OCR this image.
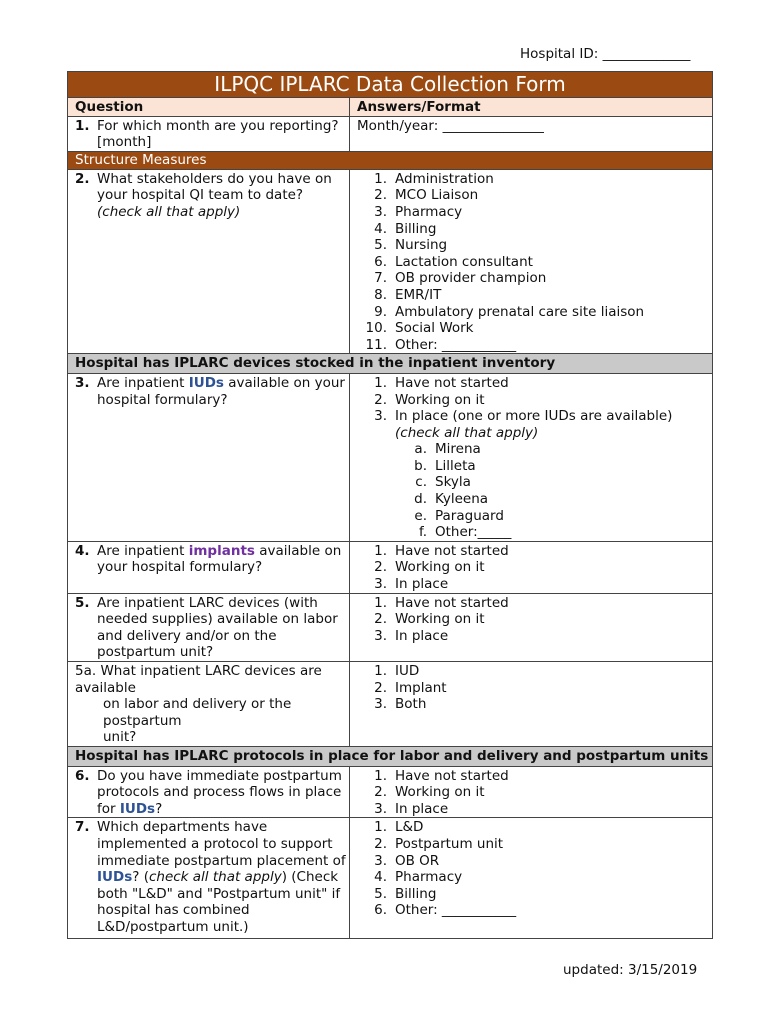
Hospital ID: _____________
ILPQC IPLARC Data Collection Form
Question	Answers/Format
1. For which month are you reporting? [month]
Month/year: _______________
Structure Measures
2. What stakeholders do you have on your hospital QI team to date?
(check all that apply)
1. Administration
2. MCO Liaison
3. Pharmacy
4. Billing
5. Nursing
6. Lactation consultant
7. OB provider champion
8. EMR/IT
9. Ambulatory prenatal care site liaison
10. Social Work
11. Other: ___________
Hospital has IPLARC devices stocked in the inpatient inventory
3. Are inpatient IUDs available on your hospital formulary?
1. Have not started
2. Working on it
3. In place (one or more IUDs are available)
(check all that apply)
a. Mirena
b. Lilleta
c. Skyla
d. Kyleena
e. Paraguard
f. Other:_____
4. Are inpatient implants available on your hospital formulary?
1. Have not started
2. Working on it
3. In place
5. Are inpatient LARC devices (with needed supplies) available on labor and delivery and/or on the postpartum unit?
1. Have not started
2. Working on it
3. In place
5a. What inpatient LARC devices are available
on labor and delivery or the postpartum
unit?
1. IUD
2. Implant
3. Both
Hospital has IPLARC protocols in place for labor and delivery and postpartum units
6. Do you have immediate postpartum protocols and process flows in place for IUDs?
1. Have not started
2. Working on it
3. In place
7. Which departments have implemented a protocol to support immediate postpartum placement of IUDs? (check all that apply) (Check both "L&D" and "Postpartum unit" if hospital has combined L&D/postpartum unit.)
1. L&D
2. Postpartum unit
3. OB OR
4. Pharmacy
5. Billing
6. Other: ___________
updated: 3/15/2019
